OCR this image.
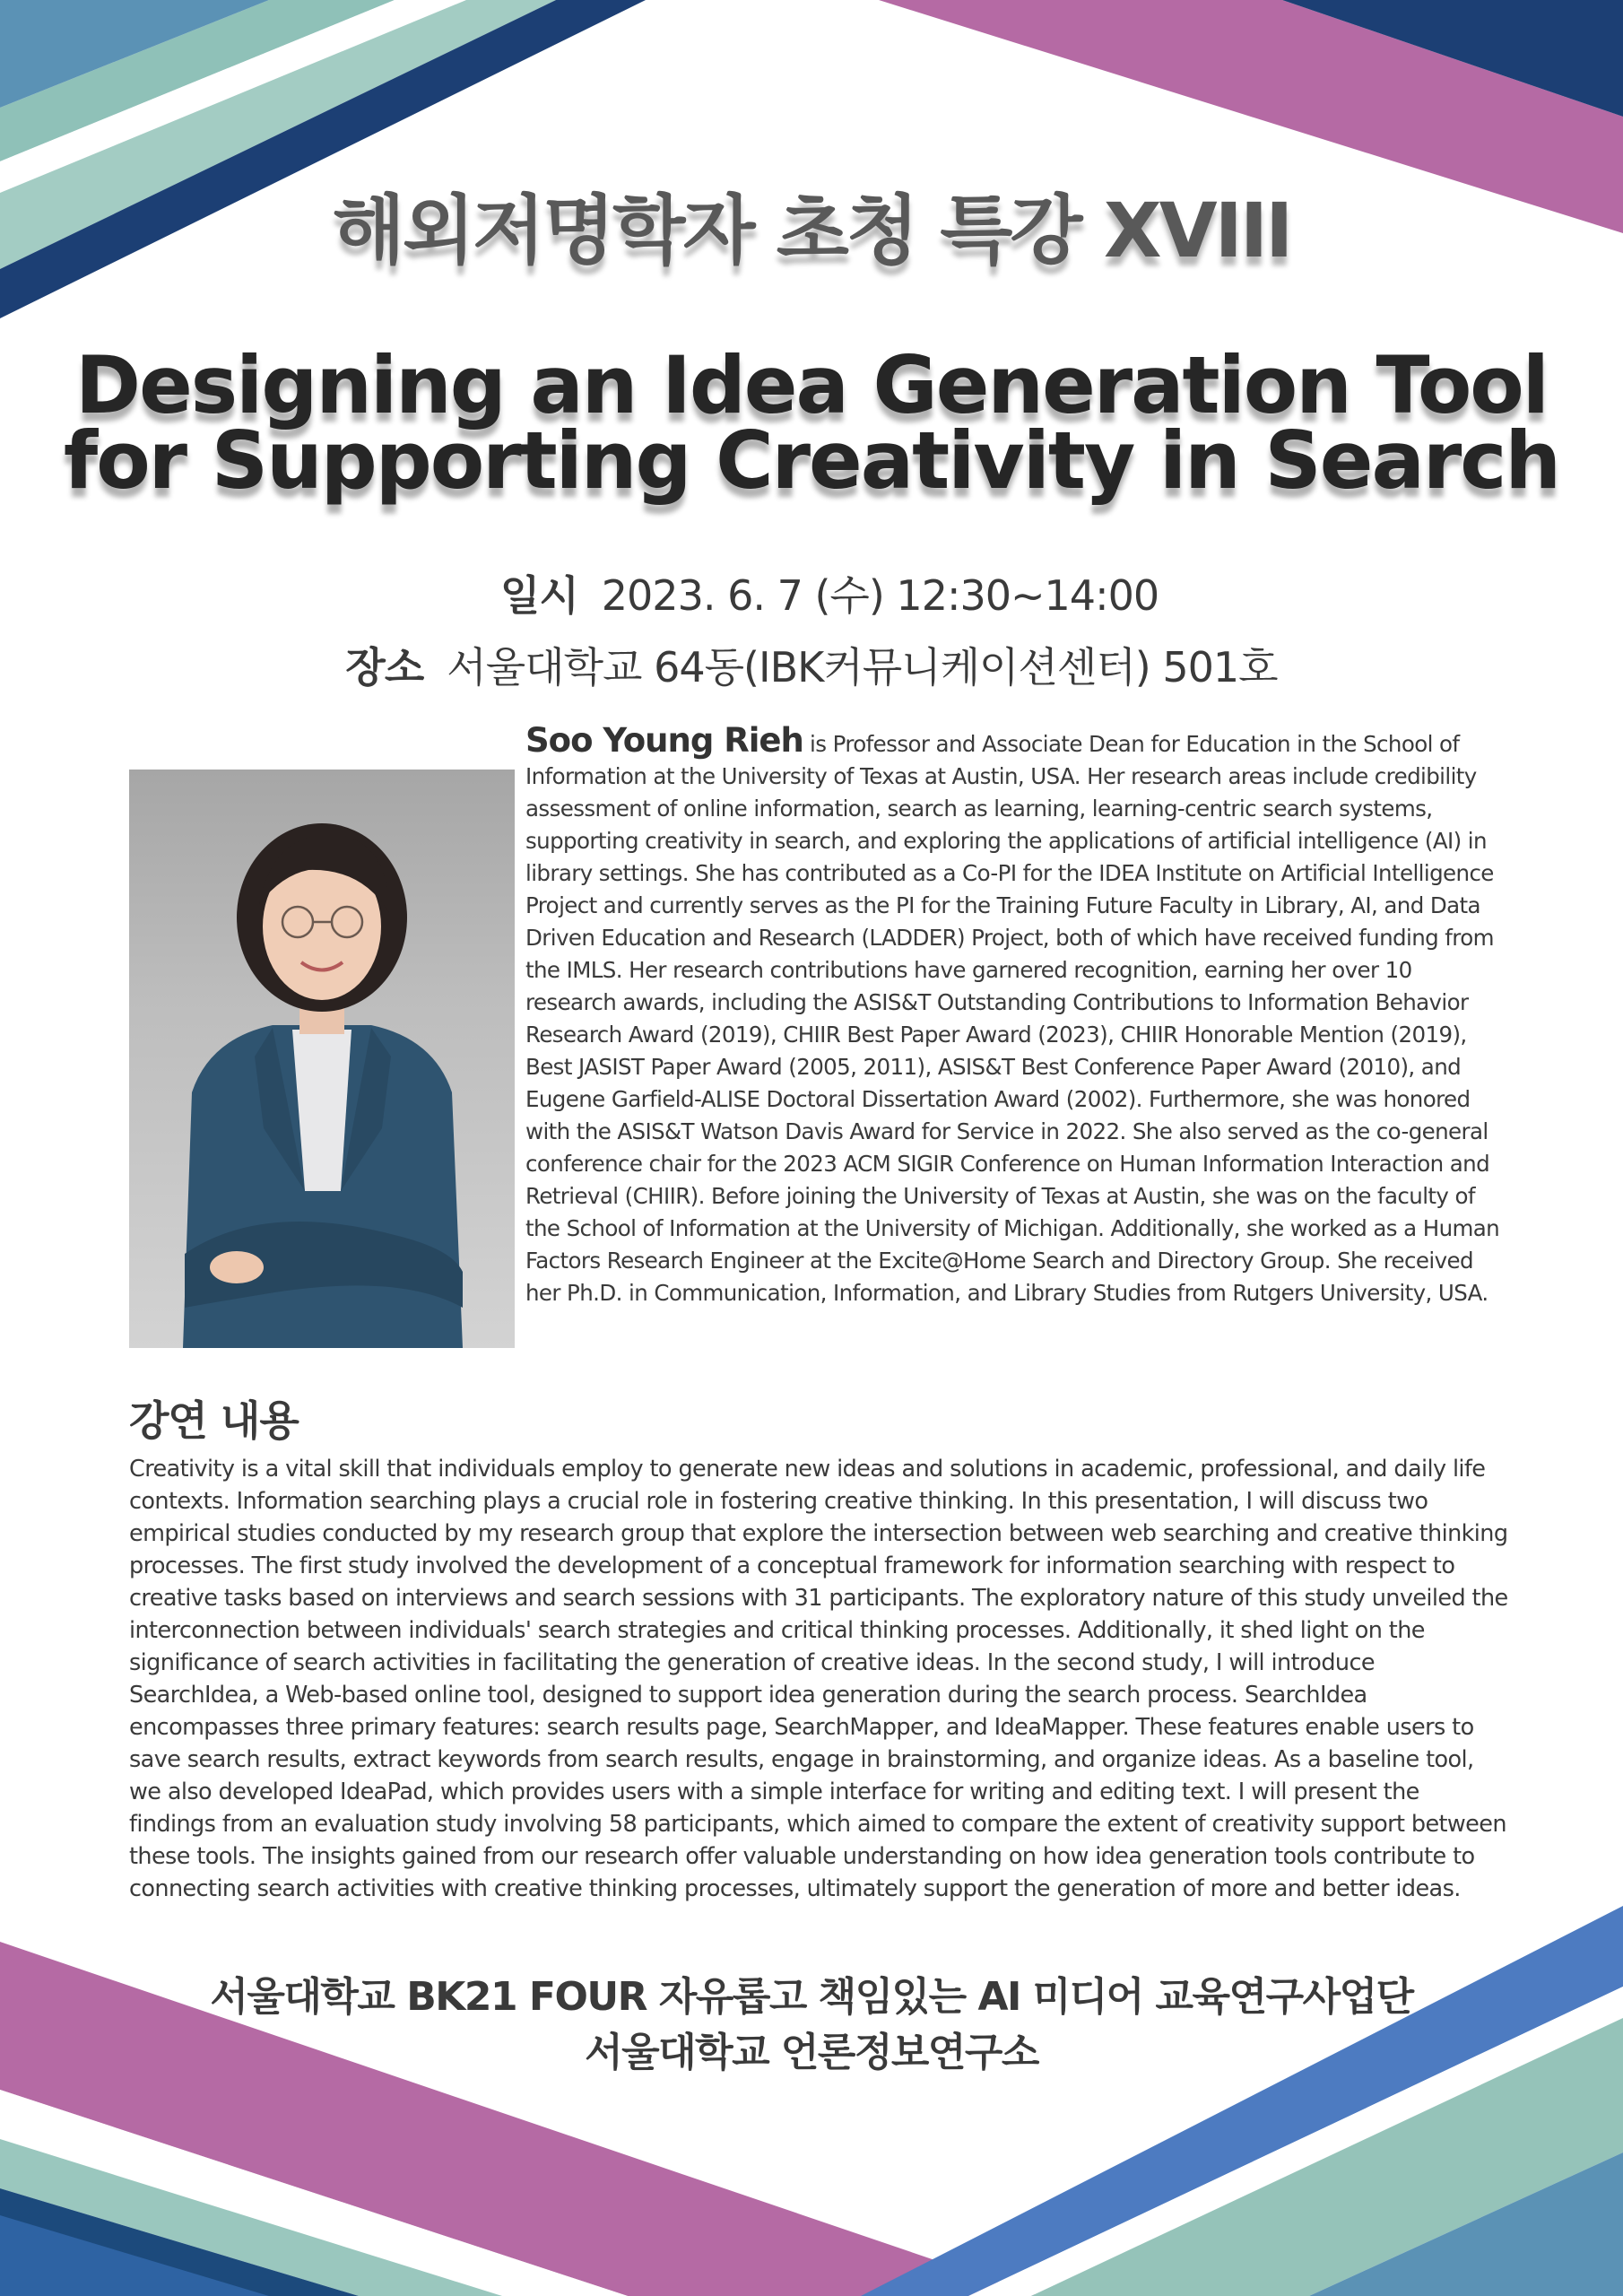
해외저명학자 초청 특강 XVIII
Designing an Idea Generation Tool
for Supporting Creativity in Search

일시 2023. 6. 7 (수) 12:30~14:00

장소 서울대학교 64동(IBK커뮤니케이션센터) 501호

Soo Young Rieh is Professor and Associate Dean for Education in the School of Information at the University of Texas at Austin, USA. Her research areas include credibility assessment of online information, search as learning, learning-centric search systems, supporting creativity in search, and exploring the applications of artificial intelligence (AI) in library settings. She has contributed as a Co-PI for the IDEA Institute on Artificial Intelligence Project and currently serves as the PI for the Training Future Faculty in Library, AI, and Data Driven Education and Research (LADDER) Project, both of which have received funding from the IMLS. Her research contributions have garnered recognition, earning her over 10 research awards, including the ASIS&T Outstanding Contributions to Information Behavior Research Award (2019), CHIIR Best Paper Award (2023), CHIIR Honorable Mention (2019), Best JASIST Paper Award (2005, 2011), ASIS&T Best Conference Paper Award (2010), and Eugene Garfield-ALISE Doctoral Dissertation Award (2002). Furthermore, she was honored with the ASIS&T Watson Davis Award for Service in 2022. She also served as the co-general conference chair for the 2023 ACM SIGIR Conference on Human Information Interaction and Retrieval (CHIIR). Before joining the University of Texas at Austin, she was on the faculty of the School of Information at the University of Michigan. Additionally, she worked as a Human Factors Research Engineer at the Excite@Home Search and Directory Group. She received her Ph.D. in Communication, Information, and Library Studies from Rutgers University, USA.

강연 내용

Creativity is a vital skill that individuals employ to generate new ideas and solutions in academic, professional, and daily life contexts. Information searching plays a crucial role in fostering creative thinking. In this presentation, I will discuss two empirical studies conducted by my research group that explore the intersection between web searching and creative thinking processes. The first study involved the development of a conceptual framework for information searching with respect to creative tasks based on interviews and search sessions with 31 participants. The exploratory nature of this study unveiled the interconnection between individuals' search strategies and critical thinking processes. Additionally, it shed light on the significance of search activities in facilitating the generation of creative ideas. In the second study, I will introduce SearchIdea, a Web-based online tool, designed to support idea generation during the search process. SearchIdea encompasses three primary features: search results page, SearchMapper, and IdeaMapper. These features enable users to save search results, extract keywords from search results, engage in brainstorming, and organize ideas. As a baseline tool, we also developed IdeaPad, which provides users with a simple interface for writing and editing text. I will present the findings from an evaluation study involving 58 participants, which aimed to compare the extent of creativity support between these tools. The insights gained from our research offer valuable understanding on how idea generation tools contribute to connecting search activities with creative thinking processes, ultimately support the generation of more and better ideas.

서울대학교 BK21 FOUR 자유롭고 책임있는 AI 미디어 교육연구사업단

서울대학교 언론정보연구소
